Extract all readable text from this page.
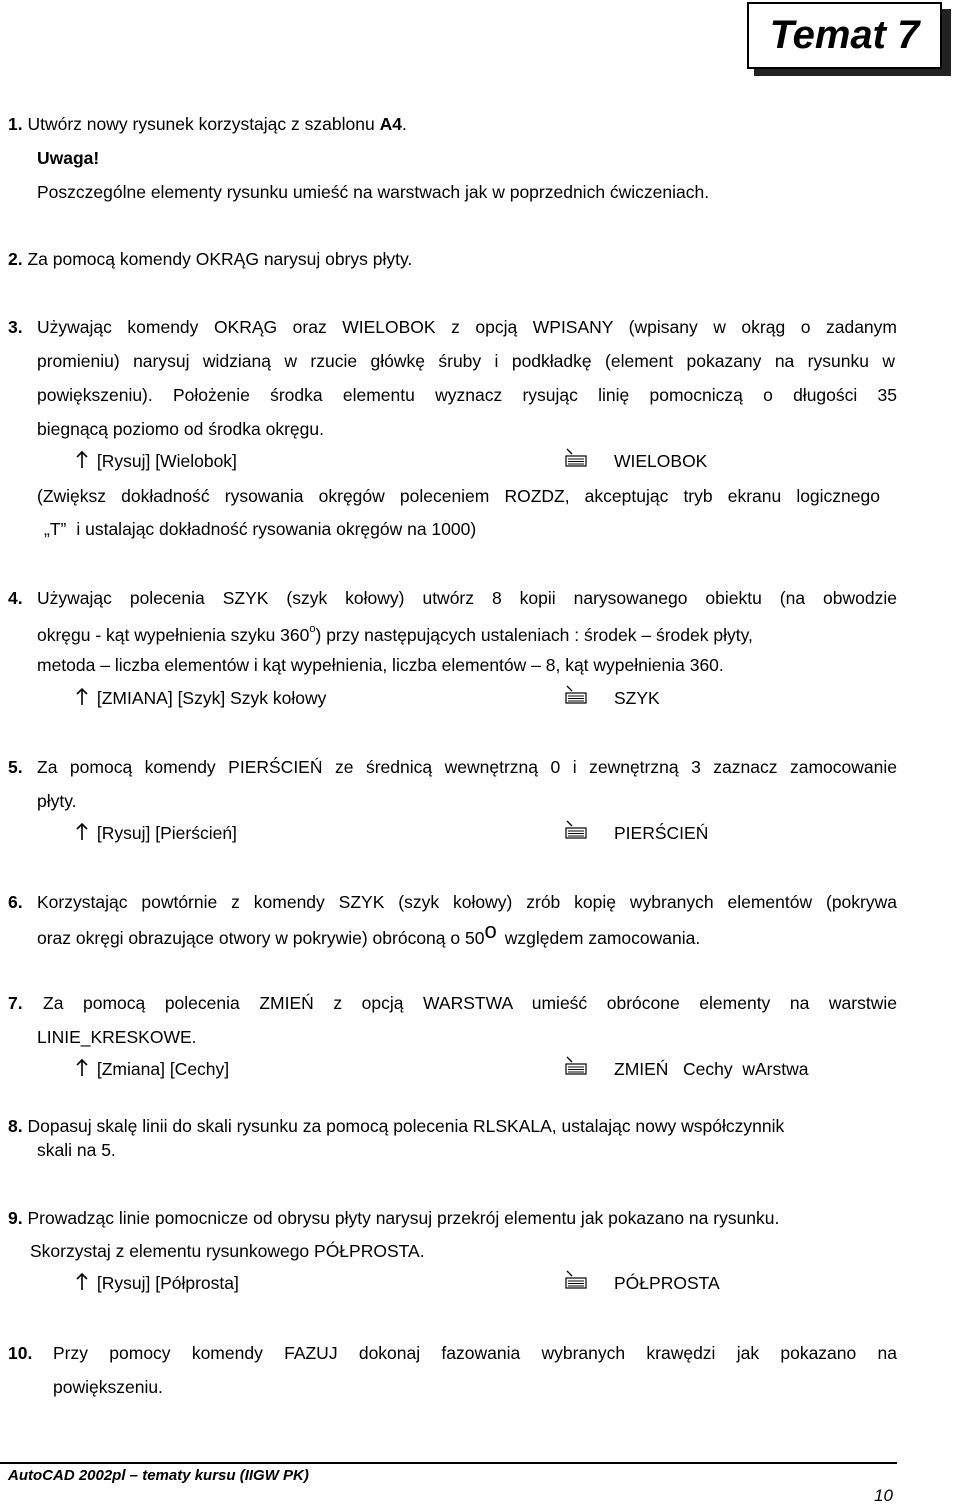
Temat 7
1. Utwórz nowy rysunek korzystając z szablonu A4.
Uwaga!
Poszczególne elementy rysunku umieść na warstwach jak w poprzednich ćwiczeniach.
2. Za pomocą komendy OKRĄG narysuj obrys płyty.
3. Używając komendy OKRĄG oraz WIELOBOK z opcją WPISANY (wpisany w okrąg o zadanym
promieniu) narysuj widzianą w rzucie główkę śruby i podkładkę (element pokazany na rysunku w
powiększeniu). Położenie środka elementu wyznacz rysując linię pomocniczą o długości 35
biegnącą poziomo od środka okręgu.
[Rysuj] [Wielobok]	WIELOBOK
(Zwiększ dokładność rysowania okręgów poleceniem ROZDZ, akceptując tryb ekranu logicznego
„T” i ustalając dokładność rysowania okręgów na 1000)
4. Używając polecenia SZYK (szyk kołowy) utwórz 8 kopii narysowanego obiektu (na obwodzie
okręgu - kąt wypełnienia szyku 360$^o$) przy następujących ustaleniach : środek – środek płyty,
metoda – liczba elementów i kąt wypełnienia, liczba elementów – 8, kąt wypełnienia 360.
[ZMIANA] [Szyk] Szyk kołowy	SZYK
5. Za pomocą komendy PIERŚCIEŃ ze średnicą wewnętrzną 0 i zewnętrzną 3 zaznacz zamocowanie
płyty.
[Rysuj] [Pierścień]	PIERŚCIEŃ
6. Korzystając powtórnie z komendy SZYK (szyk kołowy) zrób kopię wybranych elementów (pokrywa
oraz okręgi obrazujące otwory w pokrywie) obróconą o 50o względem zamocowania.
7. Za pomocą polecenia ZMIEŃ z opcją WARSTWA umieść obrócone elementy na warstwie
LINIE_KRESKOWE.
[Zmiana] [Cechy]	ZMIEŃ   Cechy  wArstwa
8. Dopasuj skalę linii do skali rysunku za pomocą polecenia RLSKALA, ustalając nowy współczynnik
skali na 5.
9. Prowadząc linie pomocnicze od obrysu płyty narysuj przekrój elementu jak pokazano na rysunku.
Skorzystaj z elementu rysunkowego PÓŁPROSTA.
[Rysuj] [Półprosta]	PÓŁPROSTA
10. Przy pomocy komendy FAZUJ dokonaj fazowania wybranych krawędzi jak pokazano na
powiększeniu.
AutoCAD 2002pl – tematy kursu (IIGW PK)
10
